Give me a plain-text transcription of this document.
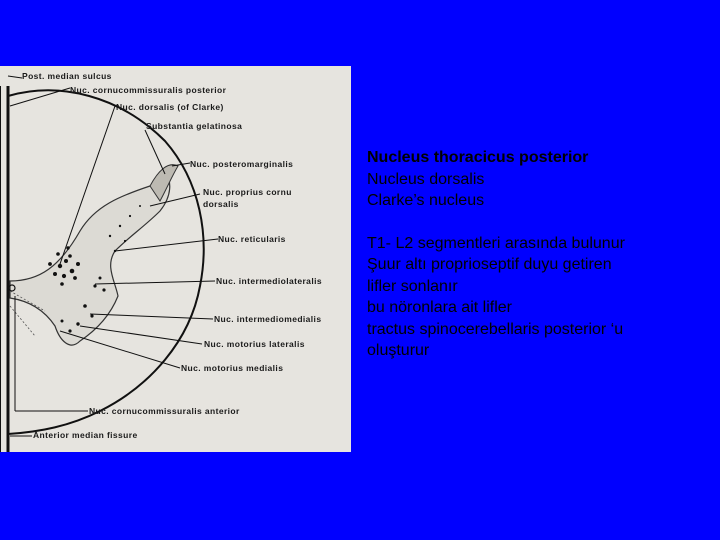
Post. median sulcus
Nuc. cornucommissuralis posterior
Nuc. dorsalis (of Clarke)
Substantia gelatinosa
Nuc. posteromarginalis
Nuc. proprius cornu
dorsalis
Nuc. reticularis
Nuc. intermediolateralis
Nuc. intermediomedialis
Nuc. motorius lateralis
Nuc. motorius medialis
Nuc. cornucommissuralis anterior
Anterior median fissure
Nucleus thoracicus posterior
Nucleus dorsalis
Clarke’s nucleus
T1- L2 segmentleri arasında bulunur
Şuur altı proprioseptif duyu getiren
lifler sonlanır
bu nöronlara ait lifler
tractus spinocerebellaris posterior ‘u
oluşturur
